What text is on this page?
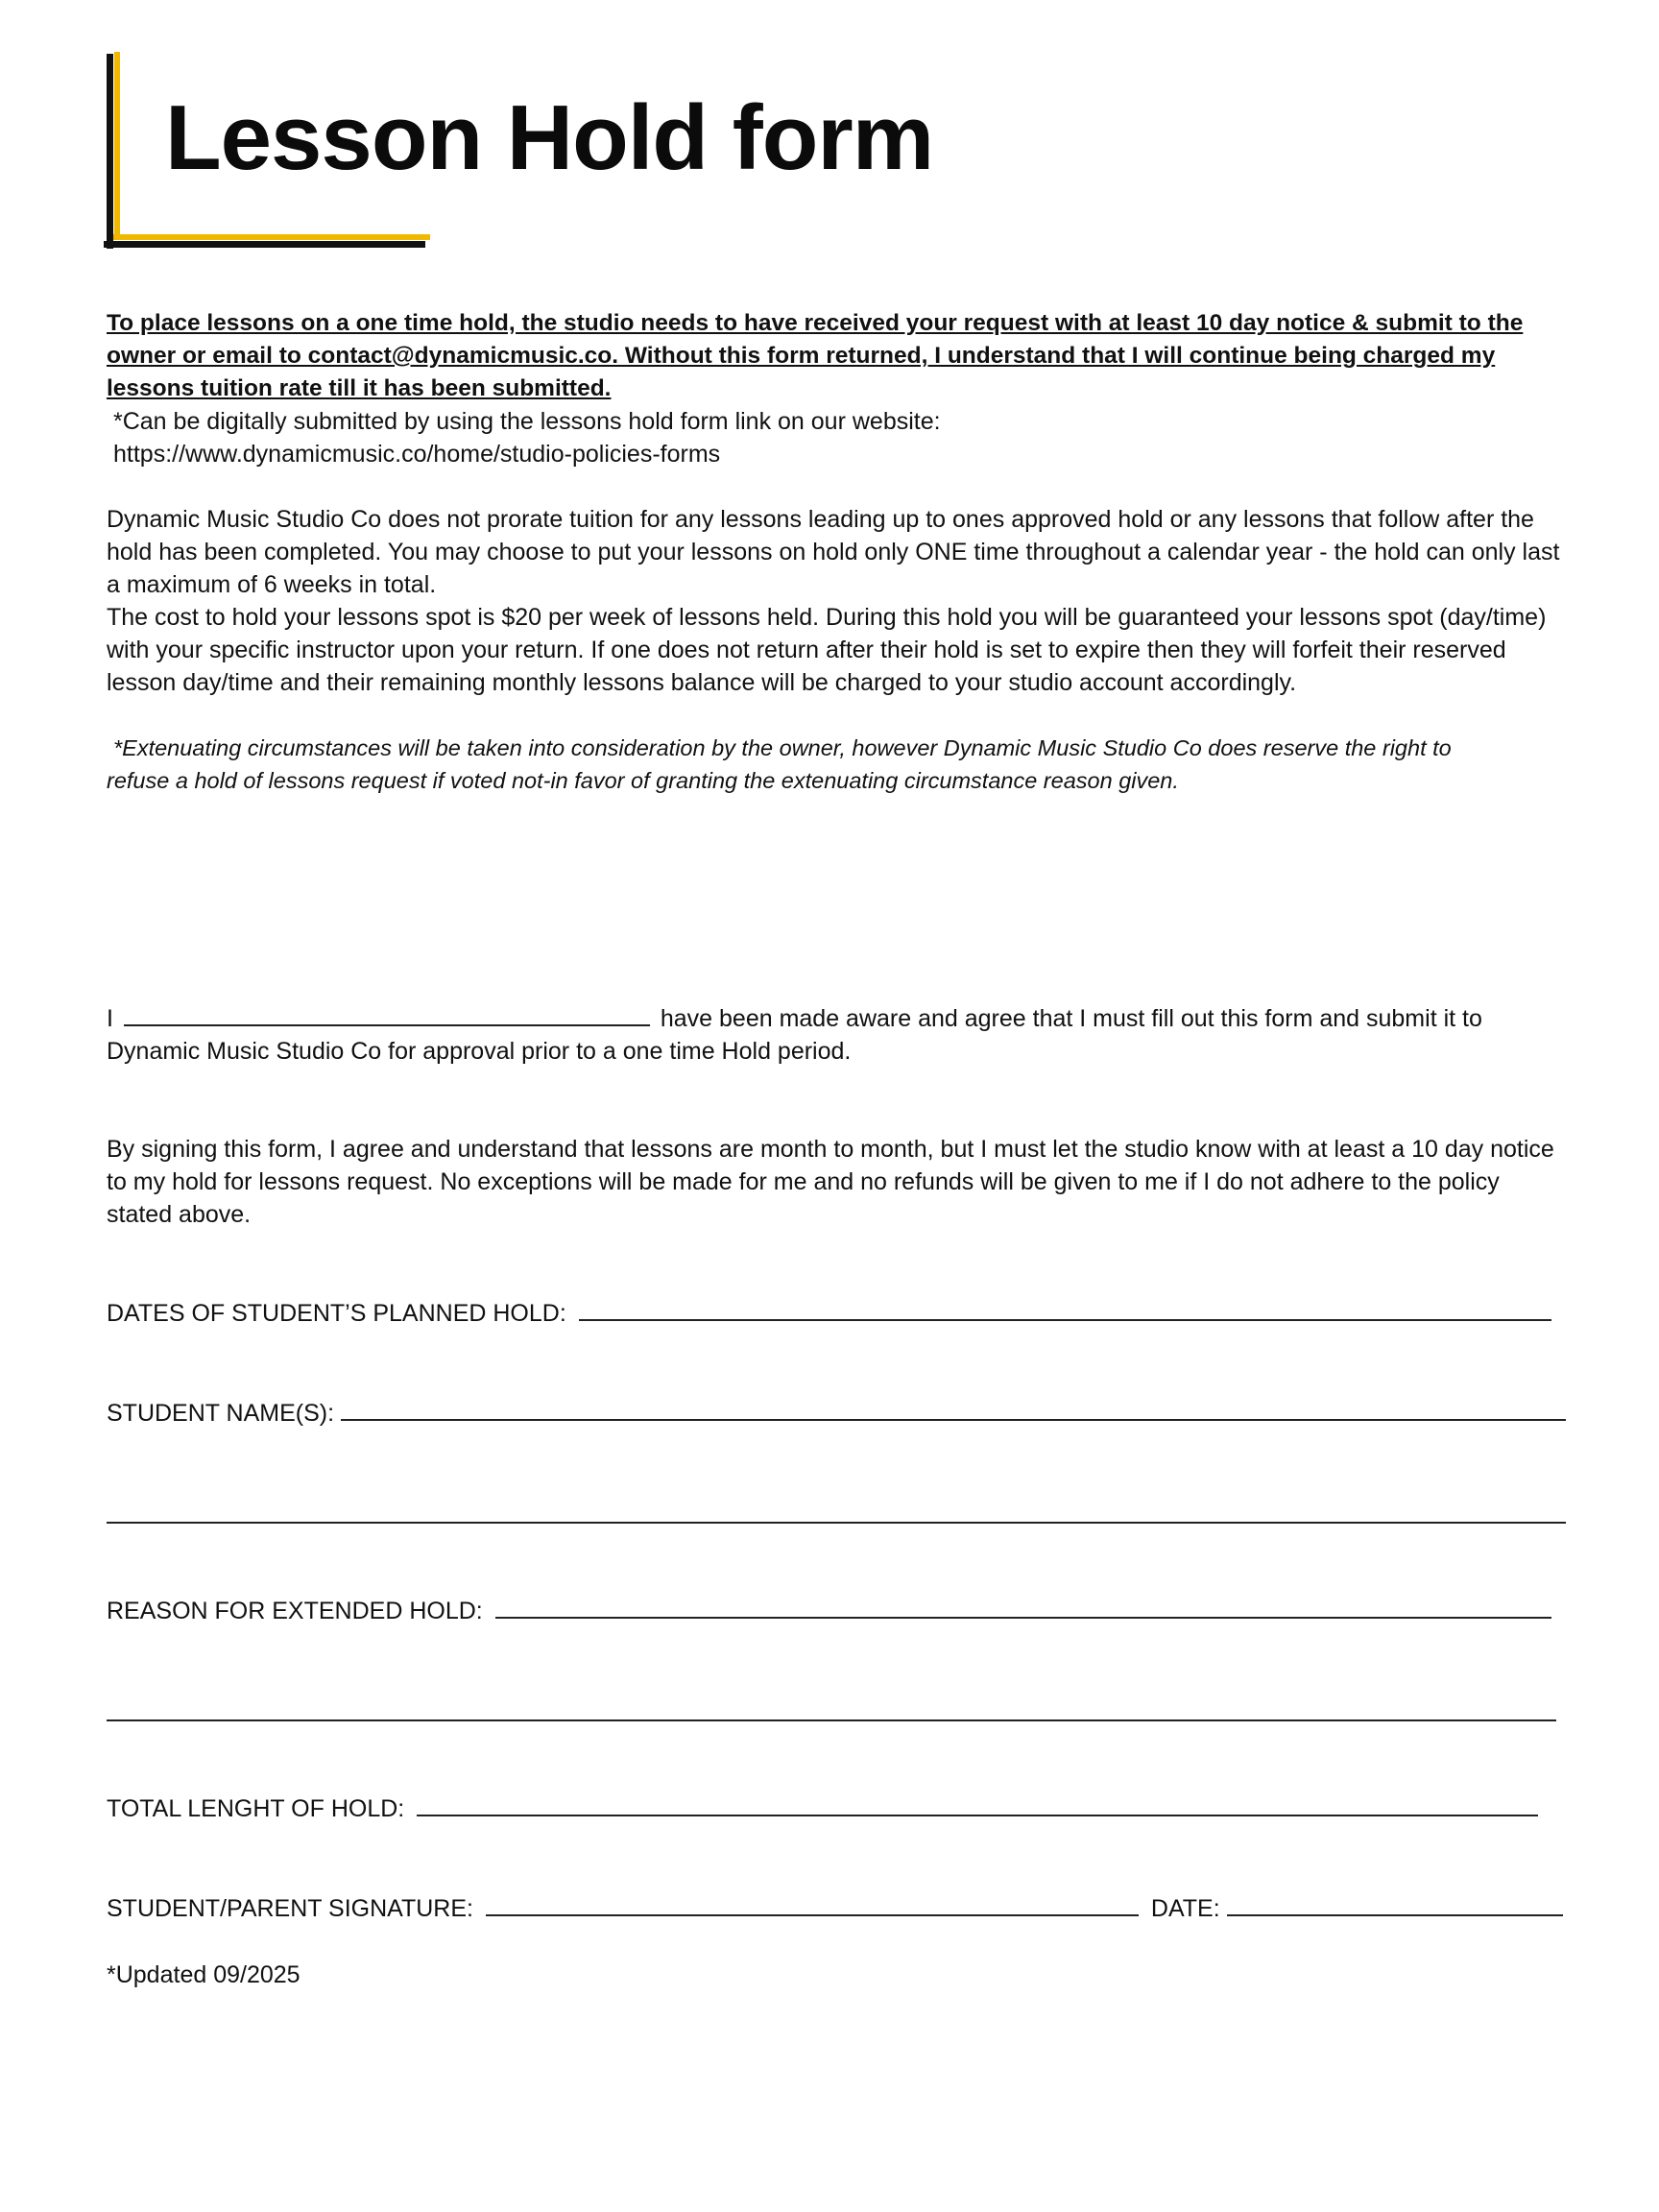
Lesson Hold form

To place lessons on a one time hold, the studio needs to have received your request with at least 10 day notice & submit to the owner or email to contact@dynamicmusic.co. Without this form returned, I understand that I will continue being charged my lessons tuition rate till it has been submitted.

*Can be digitally submitted by using the lessons hold form link on our website:

https://www.dynamicmusic.co/home/studio-policies-forms

Dynamic Music Studio Co does not prorate tuition for any lessons leading up to ones approved hold or any lessons that follow after the hold has been completed. You may choose to put your lessons on hold only ONE time throughout a calendar year - the hold can only last a maximum of 6 weeks in total.

The cost to hold your lessons spot is $20 per week of lessons held. During this hold you will be guaranteed your lessons spot (day/time) with your specific instructor upon your return. If one does not return after their hold is set to expire then they will forfeit their reserved lesson day/time and their remaining monthly lessons balance will be charged to your studio account accordingly.

*Extenuating circumstances will be taken into consideration by the owner, however Dynamic Music Studio Co does reserve the right to

refuse a hold of lessons request if voted not-in favor of granting the extenuating circumstance reason given.

I	have been made aware and agree that I must fill out this form and submit it to
Dynamic Music Studio Co for approval prior to a one time Hold period.
By signing this form, I agree and understand that lessons are month to month, but I must let the studio know with at least a 10 day notice to my hold for lessons request. No exceptions will be made for me and no refunds will be given to me if I do not adhere to the policy stated above.
DATES OF STUDENT’S PLANNED HOLD:
STUDENT NAME(S):
REASON FOR EXTENDED HOLD:
TOTAL LENGHT OF HOLD:
STUDENT/PARENT SIGNATURE:	DATE:
*Updated 09/2025
